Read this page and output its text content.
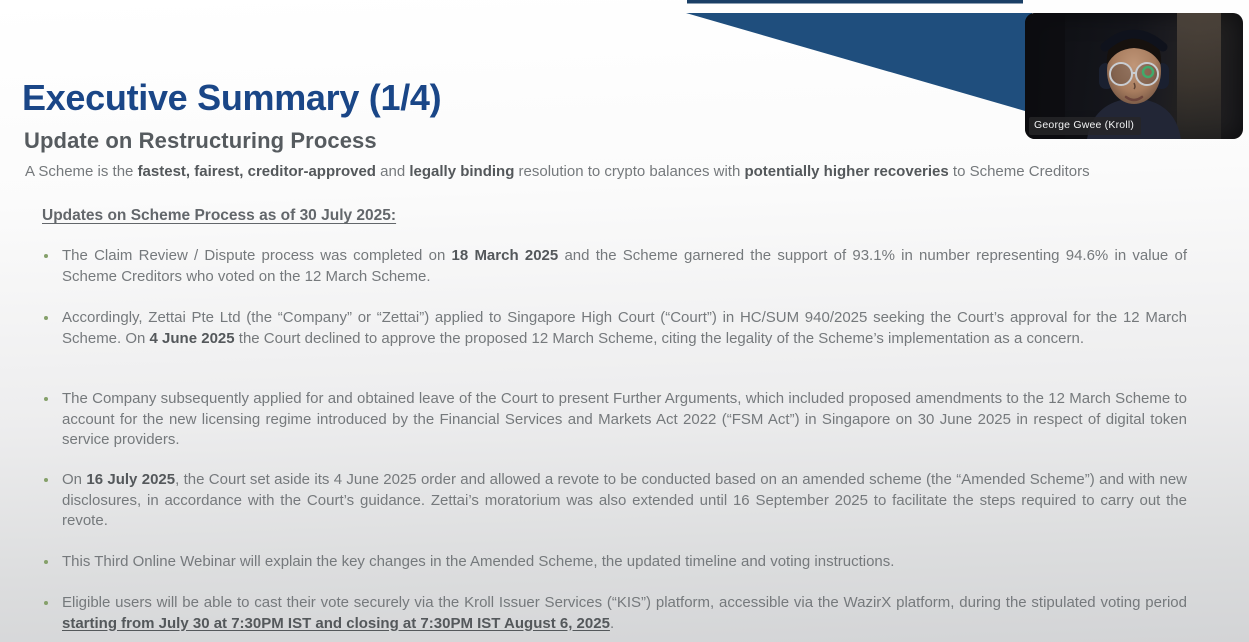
George Gwee (Kroll)
Executive Summary (1/4)
Update on Restructuring Process
A Scheme is the fastest, fairest, creditor-approved and legally binding resolution to crypto balances with potentially higher recoveries to Scheme Creditors
Updates on Scheme Process as of 30 July 2025:
The Claim Review / Dispute process was completed on 18 March 2025 and the Scheme garnered the support of 93.1% in number representing 94.6% in value of Scheme Creditors who voted on the 12 March Scheme.
Accordingly, Zettai Pte Ltd (the “Company” or “Zettai”) applied to Singapore High Court (“Court”) in HC/SUM 940/2025 seeking the Court’s approval for the 12 March Scheme. On 4 June 2025 the Court declined to approve the proposed 12 March Scheme, citing the legality of the Scheme’s implementation as a concern.
The Company subsequently applied for and obtained leave of the Court to present Further Arguments, which included proposed amendments to the 12 March Scheme to account for the new licensing regime introduced by the Financial Services and Markets Act 2022 (“FSM Act”) in Singapore on 30 June 2025 in respect of digital token service providers.
On 16 July 2025, the Court set aside its 4 June 2025 order and allowed a revote to be conducted based on an amended scheme (the “Amended Scheme”) and with new disclosures, in accordance with the Court’s guidance. Zettai’s moratorium was also extended until 16 September 2025 to facilitate the steps required to carry out the revote.
This Third Online Webinar will explain the key changes in the Amended Scheme, the updated timeline and voting instructions.
Eligible users will be able to cast their vote securely via the Kroll Issuer Services (“KIS”) platform, accessible via the WazirX platform, during the stipulated voting period starting from July 30 at 7:30PM IST and closing at 7:30PM IST August 6, 2025.
